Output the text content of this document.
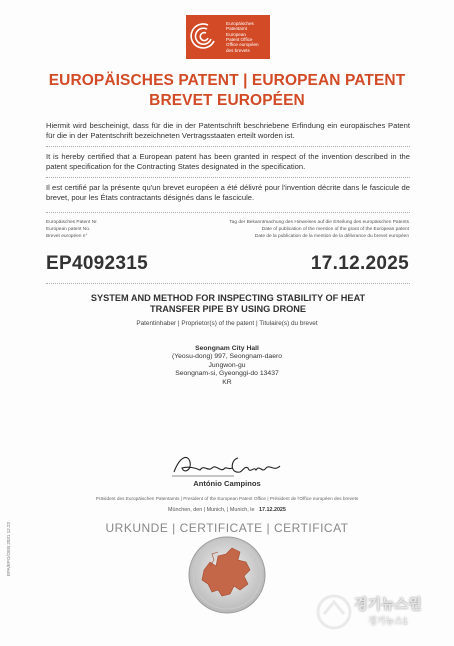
Europäisches
Patentamt
European
Patent Office
Office européen
des brevets
EUROPÄISCHES PATENT | EUROPEAN PATENT
BREVET EUROPÉEN
Hiermit wird bescheinigt, dass für die in der Patentschrift beschriebene Erfindung ein europäisches Patent für die in der Patentschrift bezeichneten Vertragsstaaten erteilt worden ist.
It is hereby certified that a European patent has been granted in respect of the invention described in the patent specification for the Contracting States designated in the specification.
Il est certifié par la présente qu'un brevet européen a été délivré pour l'invention décrite dans le fascicule de brevet, pour les États contractants désignés dans le fascicule.
Europäisches Patent Nr.
European patent No.
Brevet européen n°
Tag der Bekanntmachung des Hinweises auf die Erteilung des europäischen Patents
Date of publication of the mention of the grant of the European patent
Date de la publication de la mention de la délivrance du brevet européen
EP4092315	17.12.2025
SYSTEM AND METHOD FOR INSPECTING STABILITY OF HEAT
TRANSFER PIPE BY USING DRONE
Patentinhaber | Proprietor(s) of the patent | Titulaire(s) du brevet
Seongnam City Hall
(Yeosu-dong) 997, Seongnam-daero
Jungwon-gu
Seongnam-si, Gyeonggi-do 13437
KR
António Campinos
Präsident des Europäischen Patentamts | President of the European Patent Office | Président de l'Office européen des brevets
München, den | Munich, | Munich, le 17.12.2025
URKUNDE | CERTIFICATE | CERTIFICAT
EPA/EPO/OEB 2031 12.22
경기뉴스원
경기뉴스1
